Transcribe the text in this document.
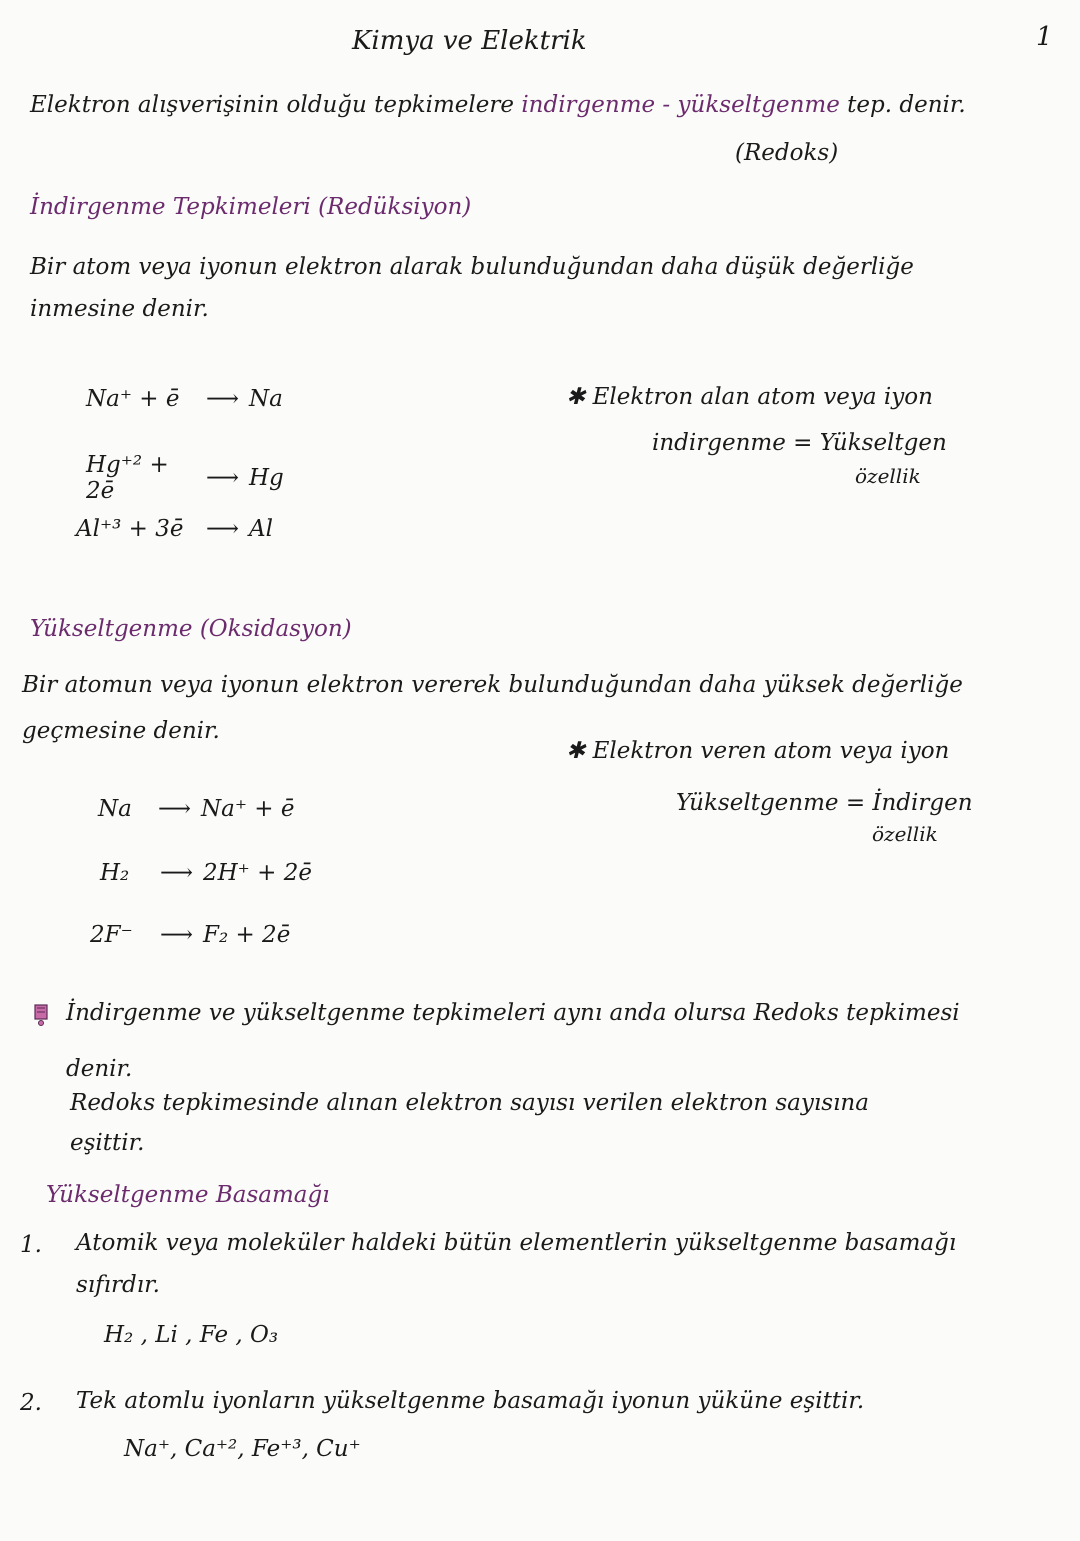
1
Kimya ve Elektrik
Elektron alışverişinin olduğu tepkimelere indirgenme - yükseltgenme tep. denir.
(Redoks)
İndirgenme Tepkimeleri (Redüksiyon)
Bir atom veya iyonun elektron alarak bulunduğundan daha düşük değerliğe
inmesine denir.
Na⁺ + ē	⟶ Na
Hg⁺² + 2ē	⟶ Hg
Al⁺³ + 3ē ⟶ Al
✱ Elektron alan atom veya iyon
indirgenme = Yükseltgen
özellik
Yükseltgenme (Oksidasyon)
Bir atomun veya iyonun elektron vererek bulunduğundan daha yüksek değerliğe
geçmesine denir.
✱ Elektron veren atom veya iyon
Yükseltgenme = İndirgen
özellik
Na	⟶ Na⁺ + ē
H₂	⟶ 2H⁺ + 2ē
2F⁻	⟶ F₂ + 2ē
İndirgenme ve yükseltgenme tepkimeleri aynı anda olursa Redoks tepkimesi
denir.
Redoks tepkimesinde alınan elektron sayısı verilen elektron sayısına
eşittir.
Yükseltgenme Basamağı
1. Atomik veya moleküler haldeki bütün elementlerin yükseltgenme basamağı
sıfırdır.
H₂ , Li , Fe , O₃
2. Tek atomlu iyonların yükseltgenme basamağı iyonun yüküne eşittir.
Na⁺, Ca⁺², Fe⁺³, Cu⁺
